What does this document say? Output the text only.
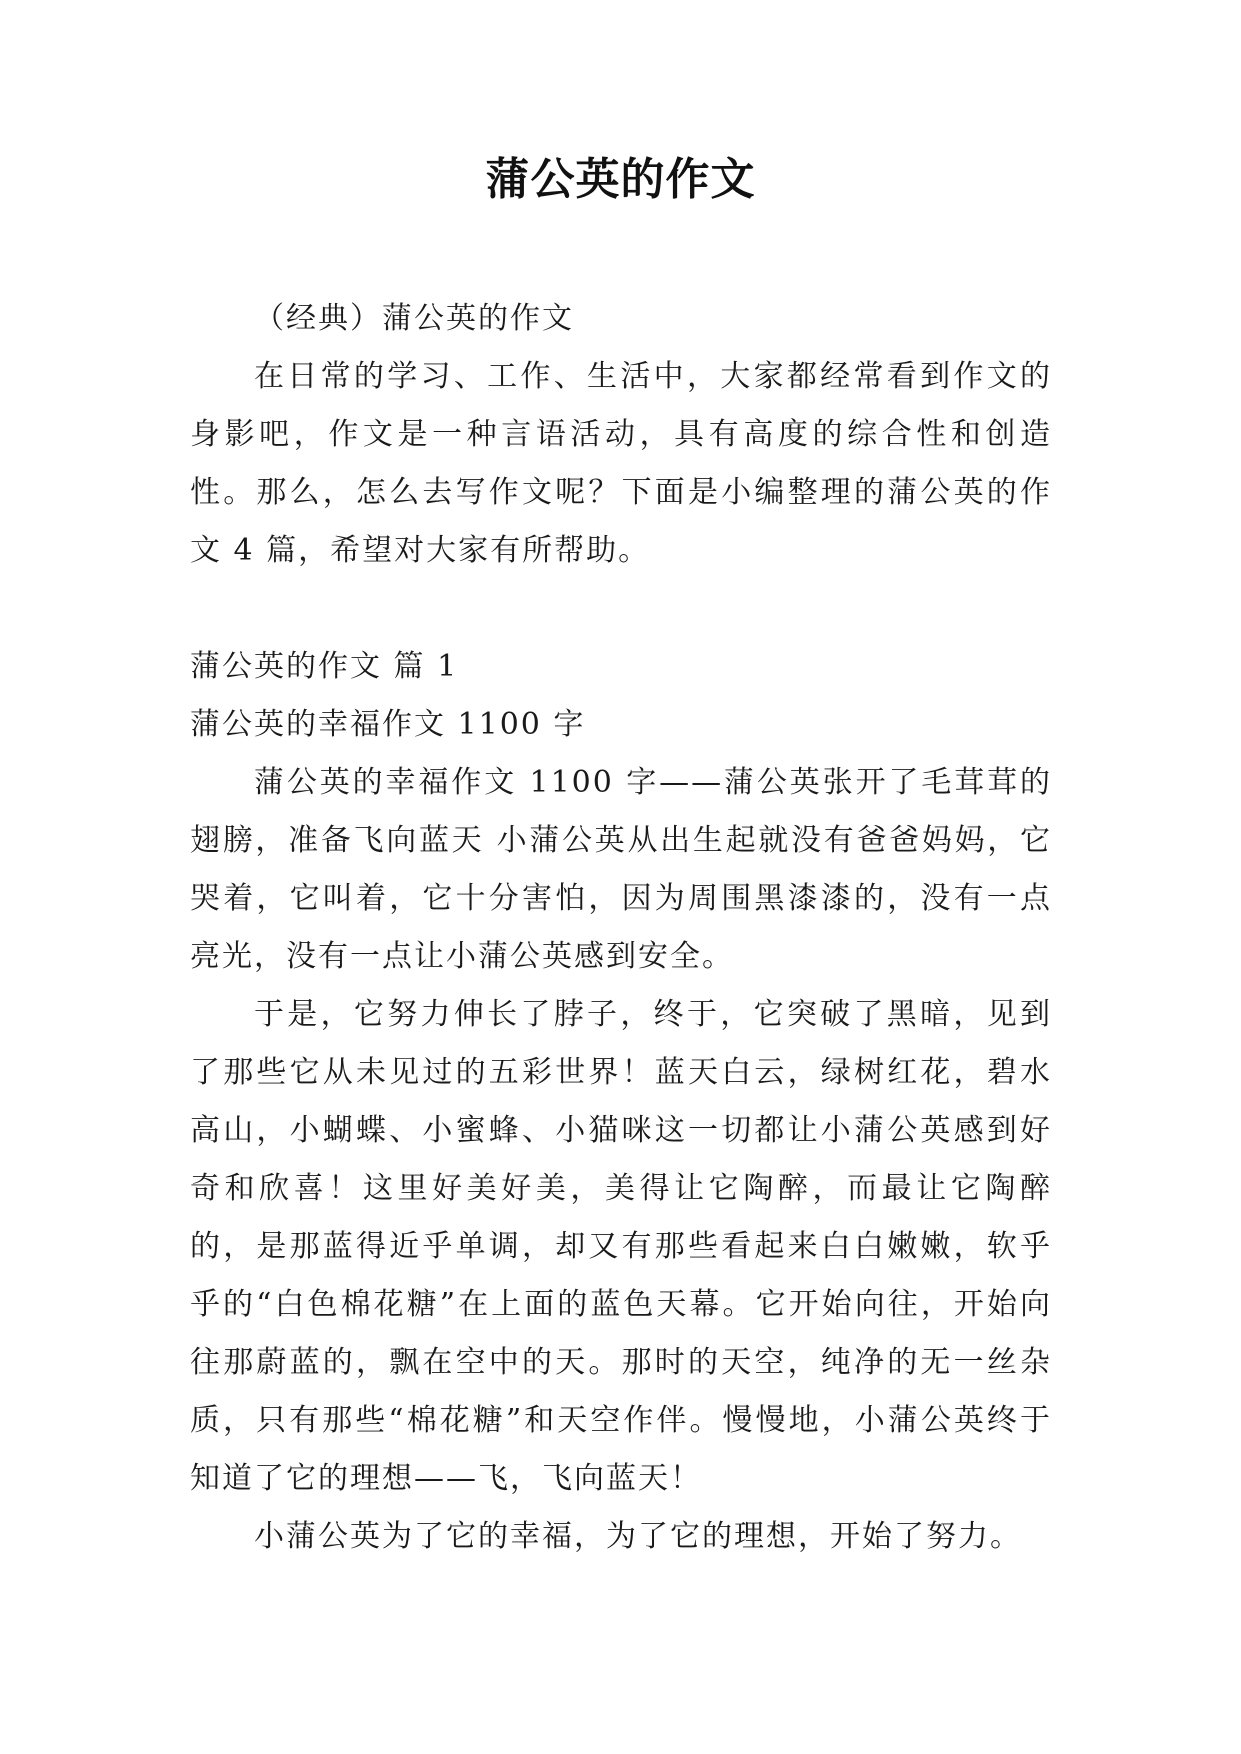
蒲公英的作文

（经典）蒲公英的作文

在日常的学习、工作、生活中，大家都经常看到作文的身影吧，作文是一种言语活动，具有高度的综合性和创造性。那么，怎么去写作文呢？下面是小编整理的蒲公英的作文 4 篇，希望对大家有所帮助。

蒲公英的作文 篇 1

蒲公英的幸福作文 1100 字

蒲公英的幸福作文 1100 字——蒲公英张开了毛茸茸的翅膀，准备飞向蓝天 小蒲公英从出生起就没有爸爸妈妈，它哭着，它叫着，它十分害怕，因为周围黑漆漆的，没有一点亮光，没有一点让小蒲公英感到安全。

于是，它努力伸长了脖子，终于，它突破了黑暗，见到了那些它从未见过的五彩世界！蓝天白云，绿树红花，碧水高山，小蝴蝶、小蜜蜂、小猫咪这一切都让小蒲公英感到好奇和欣喜！这里好美好美，美得让它陶醉，而最让它陶醉的，是那蓝得近乎单调，却又有那些看起来白白嫩嫩，软乎乎的“白色棉花糖”在上面的蓝色天幕。它开始向往，开始向往那蔚蓝的，飘在空中的天。那时的天空，纯净的无一丝杂质，只有那些“棉花糖”和天空作伴。慢慢地，小蒲公英终于知道了它的理想——飞，飞向蓝天！

小蒲公英为了它的幸福，为了它的理想，开始了努力。
